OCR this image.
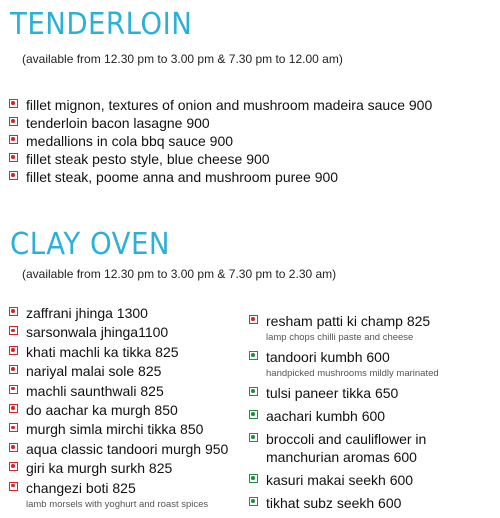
TENDERLOIN
(available from 12.30 pm to 3.00 pm & 7.30 pm to 12.00 am)
fillet mignon, textures of onion and mushroom madeira sauce 900
tenderloin bacon lasagne 900
medallions in cola bbq sauce 900
fillet steak pesto style, blue cheese 900
fillet steak, poome anna and mushroom puree 900
CLAY OVEN
(available from 12.30 pm to 3.00 pm & 7.30 pm to 2.30 am)
zaffrani jhinga 1300
sarsonwala jhinga1100
khati machli ka tikka 825
nariyal malai sole 825
machli saunthwali 825
do aachar ka murgh 850
murgh simla mirchi tikka 850
aqua classic tandoori murgh 950
giri ka murgh surkh 825
changezi boti 825
lamb morsels with yoghurt and roast spices
resham patti ki champ 825
lamp chops chilli paste and cheese
tandoori kumbh 600
handpicked mushrooms mildly marinated
tulsi paneer tikka 650
aachari kumbh 600
broccoli and cauliflower in manchurian aromas 600
kasuri makai seekh 600
tikhat subz seekh 600
